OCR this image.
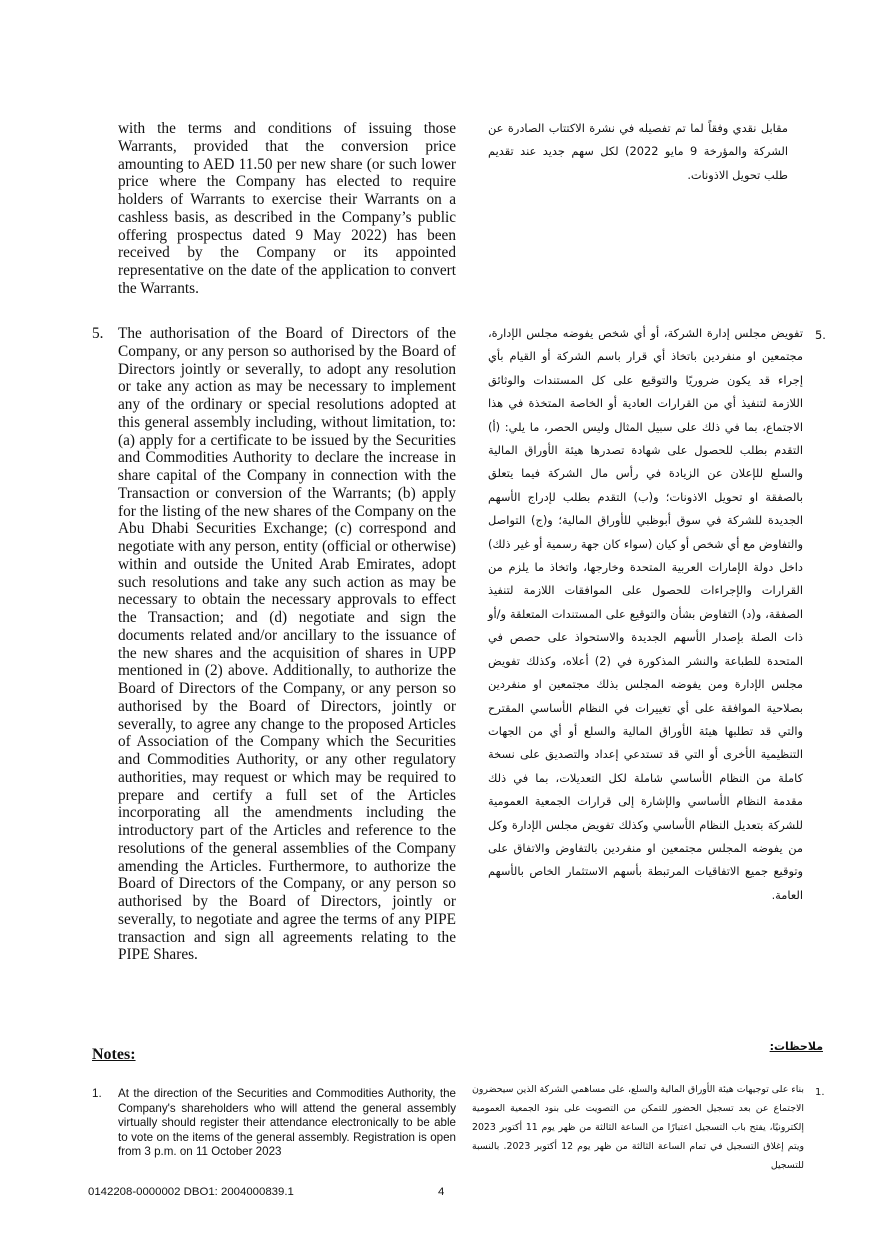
with the terms and conditions of issuing those Warrants, provided that the conversion price amounting to AED 11.50 per new share (or such lower price where the Company has elected to require holders of Warrants to exercise their Warrants on a cashless basis, as described in the Company’s public offering prospectus dated 9 May 2022) has been received by the Company or its appointed representative on the date of the application to convert the Warrants.
5. The authorisation of the Board of Directors of the Company, or any person so authorised by the Board of Directors jointly or severally, to adopt any resolution or take any action as may be necessary to implement any of the ordinary or special resolutions adopted at this general assembly including, without limitation, to: (a) apply for a certificate to be issued by the Securities and Commodities Authority to declare the increase in share capital of the Company in connection with the Transaction or conversion of the Warrants; (b) apply for the listing of the new shares of the Company on the Abu Dhabi Securities Exchange; (c) correspond and negotiate with any person, entity (official or otherwise) within and outside the United Arab Emirates, adopt such resolutions and take any such action as may be necessary to obtain the necessary approvals to effect the Transaction; and (d) negotiate and sign the documents related and/or ancillary to the issuance of the new shares and the acquisition of shares in UPP mentioned in (2) above. Additionally, to authorize the Board of Directors of the Company, or any person so authorised by the Board of Directors, jointly or severally, to agree any change to the proposed Articles of Association of the Company which the Securities and Commodities Authority, or any other regulatory authorities, may request or which may be required to prepare and certify a full set of the Articles incorporating all the amendments including the introductory part of the Articles and reference to the resolutions of the general assemblies of the Company amending the Articles. Furthermore, to authorize the Board of Directors of the Company, or any person so authorised by the Board of Directors, jointly or severally, to negotiate and agree the terms of any PIPE transaction and sign all agreements relating to the PIPE Shares.
مقابل نقدي وفقاً لما تم تفصيله في نشرة الاكتتاب الصادرة عن الشركة والمؤرخة 9 مايو 2022) لكل سهم جديد عند تقديم طلب تحويل الاذونات.
5.
تفويض مجلس إدارة الشركة، أو أي شخص يفوضه مجلس الإدارة، مجتمعين او منفردين باتخاذ أي قرار باسم الشركة أو القيام بأي إجراء قد يكون ضروريًا والتوقيع على كل المستندات والوثائق اللازمة لتنفيذ أي من القرارات العادية أو الخاصة المتخذة في هذا الاجتماع، بما في ذلك على سبيل المثال وليس الحصر، ما يلي: (أ) التقدم بطلب للحصول على شهادة تصدرها هيئة الأوراق المالية والسلع للإعلان عن الزيادة في رأس مال الشركة فيما يتعلق بالصفقة او تحويل الاذونات؛ و(ب) التقدم بطلب لإدراج الأسهم الجديدة للشركة في سوق أبوظبي للأوراق المالية؛ و(ج) التواصل والتفاوض مع أي شخص أو كيان (سواء كان جهة رسمية أو غير ذلك) داخل دولة الإمارات العربية المتحدة وخارجها، واتخاذ ما يلزم من القرارات والإجراءات للحصول على الموافقات اللازمة لتنفيذ الصفقة، و(د) التفاوض بشأن والتوقيع على المستندات المتعلقة و/أو ذات الصلة بإصدار الأسهم الجديدة والاستحواذ على حصص في المتحدة للطباعة والنشر المذكورة في (2) أعلاه، وكذلك تفويض مجلس الإدارة ومن يفوضه المجلس بذلك مجتمعين او منفردين بصلاحية الموافقة على أي تغييرات في النظام الأساسي المقترح والتي قد تطلبها هيئة الأوراق المالية والسلع أو أي من الجهات التنظيمية الأخرى أو التي قد تستدعي إعداد والتصديق على نسخة كاملة من النظام الأساسي شاملة لكل التعديلات، بما في ذلك مقدمة النظام الأساسي والإشارة إلى قرارات الجمعية العمومية للشركة بتعديل النظام الأساسي وكذلك تفويض مجلس الإدارة وكل من يفوضه المجلس مجتمعين او منفردين بالتفاوض والاتفاق على وتوقيع جميع الاتفاقيات المرتبطة بأسهم الاستثمار الخاص بالأسهم العامة.
Notes:	ملاحظات:
1. At the direction of the Securities and Commodities Authority, the Company's shareholders who will attend the general assembly virtually should register their attendance electronically to be able to vote on the items of the general assembly. Registration is open from 3 p.m. on 11 October 2023
1.
بناء على توجيهات هيئة الأوراق المالية والسلع، على مساهمي الشركة الذين سيحضرون الاجتماع عن بعد تسجيل الحضور للتمكن من التصويت على بنود الجمعية العمومية إلكترونيًا، يفتح باب التسجيل اعتبارًا من الساعة الثالثة من ظهر يوم 11 أكتوبر 2023 ويتم إغلاق التسجيل في تمام الساعة الثالثة من ظهر يوم 12 أكتوبر 2023. بالنسبة للتسجيل
0142208-0000002 DBO1: 2004000839.1	4
